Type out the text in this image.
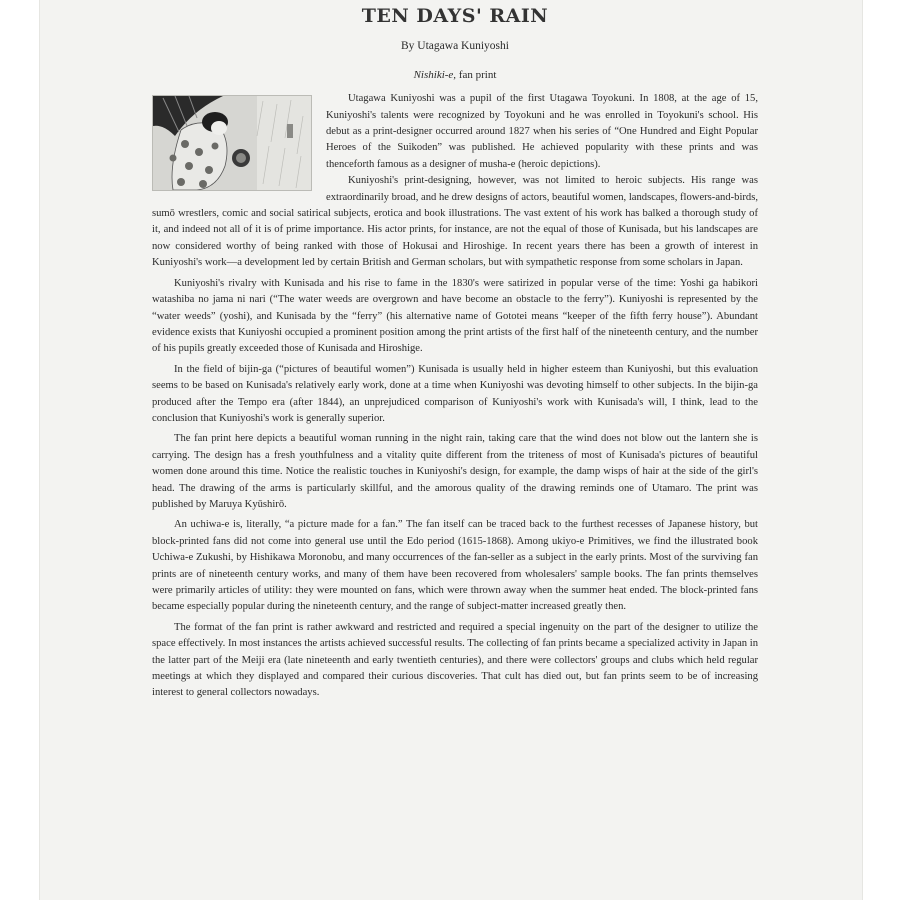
TEN DAYS' RAIN
By Utagawa Kuniyoshi
Nishiki-e, fan print

Utagawa Kuniyoshi was a pupil of the first Utagawa Toyokuni. In 1808, at the age of 15, Kuniyoshi's talents were recognized by Toyokuni and he was enrolled in Toyokuni's school. His debut as a print-designer occurred around 1827 when his series of “One Hundred and Eight Popular Heroes of the Suikoden” was published. He achieved popularity with these prints and was thenceforth famous as a designer of musha-e (heroic depictions).

Kuniyoshi's print-designing, however, was not limited to heroic subjects. His range was extraordinarily broad, and he drew designs of actors, beautiful women, landscapes, flowers-and-birds, sumō wrestlers, comic and social satirical subjects, erotica and book illustrations. The vast extent of his work has balked a thorough study of it, and indeed not all of it is of prime importance. His actor prints, for instance, are not the equal of those of Kunisada, but his landscapes are now considered worthy of being ranked with those of Hokusai and Hiroshige. In recent years there has been a growth of interest in Kuniyoshi's work—a development led by certain British and German scholars, but with sympathetic response from some scholars in Japan.

Kuniyoshi's rivalry with Kunisada and his rise to fame in the 1830's were satirized in popular verse of the time: Yoshi ga habikori watashiba no jama ni nari (“The water weeds are overgrown and have become an obstacle to the ferry”). Kuniyoshi is represented by the “water weeds” (yoshi), and Kunisada by the “ferry” (his alternative name of Gototei means “keeper of the fifth ferry house”). Abundant evidence exists that Kuniyoshi occupied a prominent position among the print artists of the first half of the nineteenth century, and the number of his pupils greatly exceeded those of Kunisada and Hiroshige.

In the field of bijin-ga (“pictures of beautiful women”) Kunisada is usually held in higher esteem than Kuniyoshi, but this evaluation seems to be based on Kunisada's relatively early work, done at a time when Kuniyoshi was devoting himself to other subjects. In the bijin-ga produced after the Tempo era (after 1844), an unprejudiced comparison of Kuniyoshi's work with Kunisada's will, I think, lead to the conclusion that Kuniyoshi's work is generally superior.

The fan print here depicts a beautiful woman running in the night rain, taking care that the wind does not blow out the lantern she is carrying. The design has a fresh youthfulness and a vitality quite different from the triteness of most of Kunisada's pictures of beautiful women done around this time. Notice the realistic touches in Kuniyoshi's design, for example, the damp wisps of hair at the side of the girl's head. The drawing of the arms is particularly skillful, and the amorous quality of the drawing reminds one of Utamaro. The print was published by Maruya Kyūshirō.

An uchiwa-e is, literally, “a picture made for a fan.” The fan itself can be traced back to the furthest recesses of Japanese history, but block-printed fans did not come into general use until the Edo period (1615-1868). Among ukiyo-e Primitives, we find the illustrated book Uchiwa-e Zukushi, by Hishikawa Moronobu, and many occurrences of the fan-seller as a subject in the early prints. Most of the surviving fan prints are of nineteenth century works, and many of them have been recovered from wholesalers' sample books. The fan prints themselves were primarily articles of utility: they were mounted on fans, which were thrown away when the summer heat ended. The block-printed fans became especially popular during the nineteenth century, and the range of subject-matter increased greatly then.

The format of the fan print is rather awkward and restricted and required a special ingenuity on the part of the designer to utilize the space effectively. In most instances the artists achieved successful results. The collecting of fan prints became a specialized activity in Japan in the latter part of the Meiji era (late nineteenth and early twentieth centuries), and there were collectors' groups and clubs which held regular meetings at which they displayed and compared their curious discoveries. That cult has died out, but fan prints seem to be of increasing interest to general collectors nowadays.
